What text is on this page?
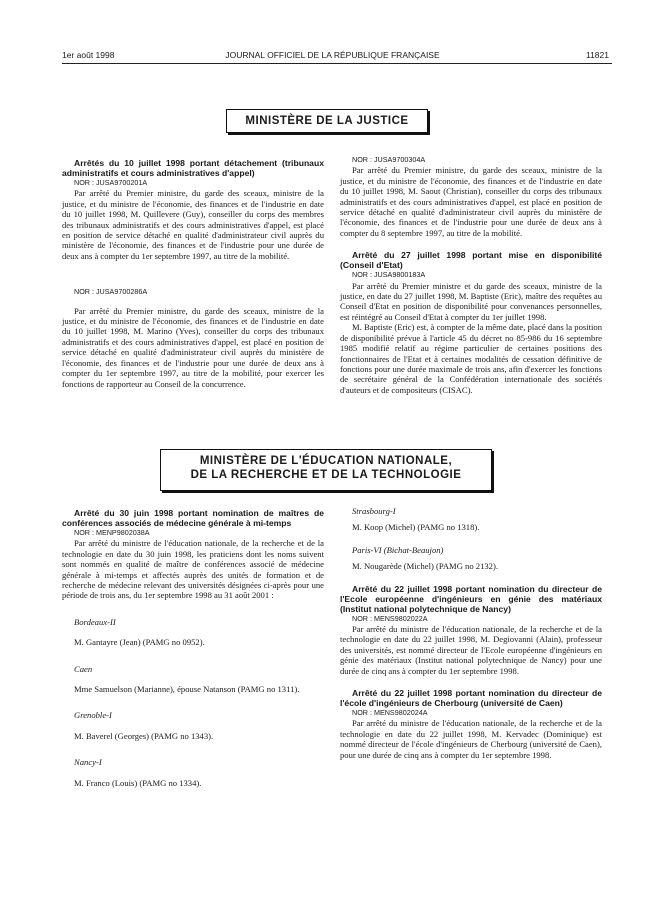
1er août 1998	JOURNAL OFFICIEL DE LA RÉPUBLIQUE FRANÇAISE	11821
MINISTÈRE DE LA JUSTICE

Arrêtés du 10 juillet 1998 portant détachement (tribunaux administratifs et cours administratives d'appel)

NOR : JUSA9700201A

Par arrêté du Premier ministre, du garde des sceaux, ministre de la justice, et du ministre de l'économie, des finances et de l'industrie en date du 10 juillet 1998, M. Quillevere (Guy), conseiller du corps des membres des tribunaux administratifs et des cours administratives d'appel, est placé en position de service détaché en qualité d'administrateur civil auprès du ministère de l'économie, des finances et de l'industrie pour une durée de deux ans à compter du 1er septembre 1997, au titre de la mobilité.

NOR : JUSA9700286A

Par arrêté du Premier ministre, du garde des sceaux, ministre de la justice, et du ministre de l'économie, des finances et de l'industrie en date du 10 juillet 1998, M. Marino (Yves), conseiller du corps des tribunaux administratifs et des cours administratives d'appel, est placé en position de service détaché en qualité d'administrateur civil auprès du ministère de l'économie, des finances et de l'industrie pour une durée de deux ans à compter du 1er septembre 1997, au titre de la mobilité, pour exercer les fonctions de rapporteur au Conseil de la concurrence.

NOR : JUSA9700304A

Par arrêté du Premier ministre, du garde des sceaux, ministre de la justice, et du ministre de l'économie, des finances et de l'industrie en date du 10 juillet 1998, M. Saout (Christian), conseiller du corps des tribunaux administratifs et des cours administratives d'appel, est placé en position de service détaché en qualité d'administrateur civil auprès du ministère de l'économie, des finances et de l'industrie pour une durée de deux ans à compter du 8 septembre 1997, au titre de la mobilité.

Arrêté du 27 juillet 1998 portant mise en disponibilité (Conseil d'Etat)

NOR : JUSA9800183A

Par arrêté du Premier ministre et du garde des sceaux, ministre de la justice, en date du 27 juillet 1998, M. Baptiste (Eric), maître des requêtes au Conseil d'Etat en position de disponibilité pour convenances personnelles, est réintégré au Conseil d'Etat à compter du 1er juillet 1998.

M. Baptiste (Eric) est, à compter de la même date, placé dans la position de disponibilité prévue à l'article 45 du décret no 85-986 du 16 septembre 1985 modifié relatif au régime particulier de certaines positions des fonctionnaires de l'Etat et à certaines modalités de cessation définitive de fonctions pour une durée maximale de trois ans, afin d'exercer les fonctions de secrétaire général de la Confédération internationale des sociétés d'auteurs et de compositeurs (CISAC).

MINISTÈRE DE L'ÉDUCATION NATIONALE,
DE LA RECHERCHE ET DE LA TECHNOLOGIE

Arrêté du 30 juin 1998 portant nomination de maîtres de conférences associés de médecine générale à mi-temps

NOR : MENP9802038A

Par arrêté du ministre de l'éducation nationale, de la recherche et de la technologie en date du 30 juin 1998, les praticiens dont les noms suivent sont nommés en qualité de maître de conférences associé de médecine générale à mi-temps et affectés auprès des unités de formation et de recherche de médecine relevant des universités désignées ci-après pour une période de trois ans, du 1er septembre 1998 au 31 août 2001 :

Bordeaux-II

M. Gantayre (Jean) (PAMG no 0952).

Caen

Mme Samuelson (Marianne), épouse Natanson (PAMG no 1311).

Grenoble-I

M. Baverel (Georges) (PAMG no 1343).

Nancy-I

M. Franco (Louis) (PAMG no 1334).

Strasbourg-I

M. Koop (Michel) (PAMG no 1318).

Paris-VI (Bichat-Beaujon)

M. Nougarède (Michel) (PAMG no 2132).

Arrêté du 22 juillet 1998 portant nomination du directeur de l'Ecole européenne d'ingénieurs en génie des matériaux (Institut national polytechnique de Nancy)

NOR : MENS9802022A

Par arrêté du ministre de l'éducation nationale, de la recherche et de la technologie en date du 22 juillet 1998, M. Degiovanni (Alain), professeur des universités, est nommé directeur de l'Ecole européenne d'ingénieurs en génie des matériaux (Institut national polytechnique de Nancy) pour une durée de cinq ans à compter du 1er septembre 1998.

Arrêté du 22 juillet 1998 portant nomination du directeur de l'école d'ingénieurs de Cherbourg (université de Caen)

NOR : MENS9802024A

Par arrêté du ministre de l'éducation nationale, de la recherche et de la technologie en date du 22 juillet 1998, M. Kervadec (Dominique) est nommé directeur de l'école d'ingénieurs de Cherbourg (université de Caen), pour une durée de cinq ans à compter du 1er septembre 1998.
